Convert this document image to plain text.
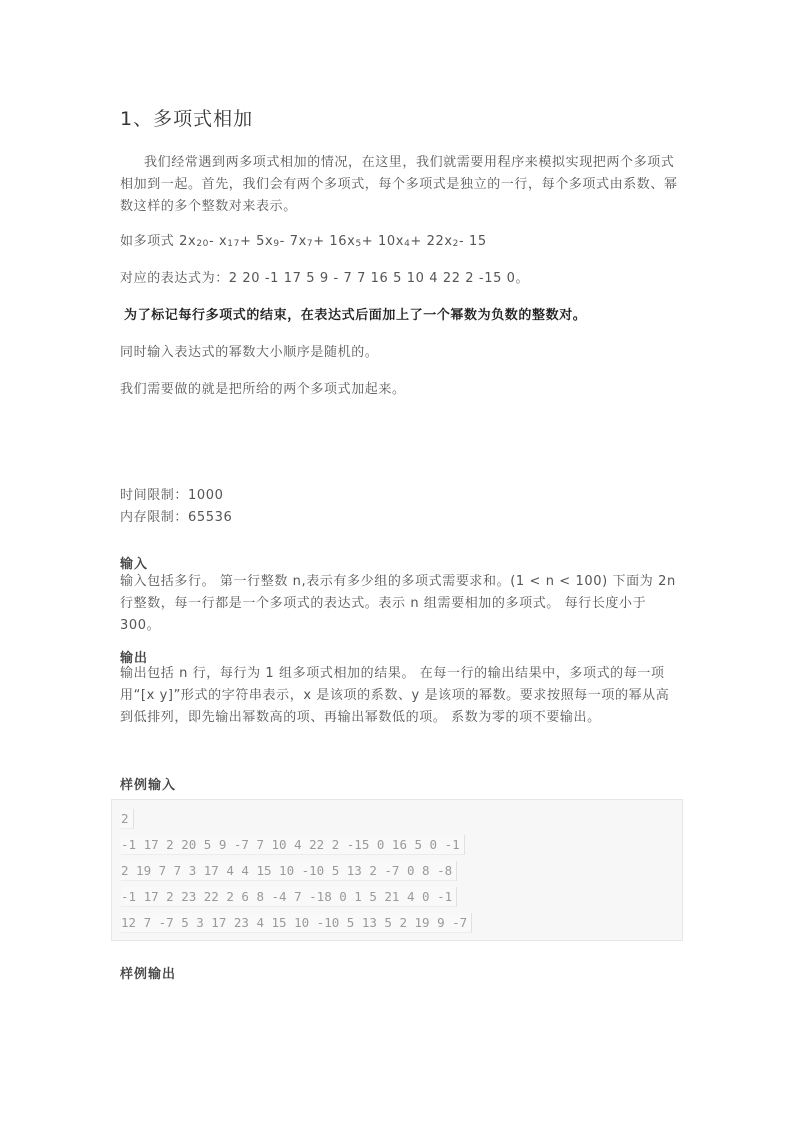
1、多项式相加

我们经常遇到两多项式相加的情况，在这里，我们就需要用程序来模拟实现把两个多项式相加到一起。首先，我们会有两个多项式，每个多项式是独立的一行，每个多项式由系数、幂数这样的多个整数对来表示。

如多项式 $2x_{20}-$ $x_{17}+ 5x_9-$ $7x_7+ 16x_5+ 10x_4+ 22x_2-$ 15

对应的表达式为：2 20 -1 17 5 9 - 7 7 16 5 10 4 22 2 -15 0。

为了标记每行多项式的结束，在表达式后面加上了一个幂数为负数的整数对。

同时输入表达式的幂数大小顺序是随机的。

我们需要做的就是把所给的两个多项式加起来。

时间限制：1000

内存限制：65536

输入

输入包括多行。 第一行整数 n,表示有多少组的多项式需要求和。(1 < n < 100) 下面为 2n 行整数，每一行都是一个多项式的表达式。表示 n 组需要相加的多项式。 每行长度小于 300。

输出

输出包括 n 行，每行为 1 组多项式相加的结果。 在每一行的输出结果中，多项式的每一项用“[x y]”形式的字符串表示，x 是该项的系数、y 是该项的幂数。要求按照每一项的幂从高到低排列，即先输出幂数高的项、再输出幂数低的项。 系数为零的项不要输出。

样例输入
2
-1 17 2 20 5 9 -7 7 10 4 22 2 -15 0 16 5 0 -1
2 19 7 7 3 17 4 4 15 10 -10 5 13 2 -7 0 8 -8
-1 17 2 23 22 2 6 8 -4 7 -18 0 1 5 21 4 0 -1
12 7 -7 5 3 17 23 4 15 10 -10 5 13 5 2 19 9 -7
样例输出
